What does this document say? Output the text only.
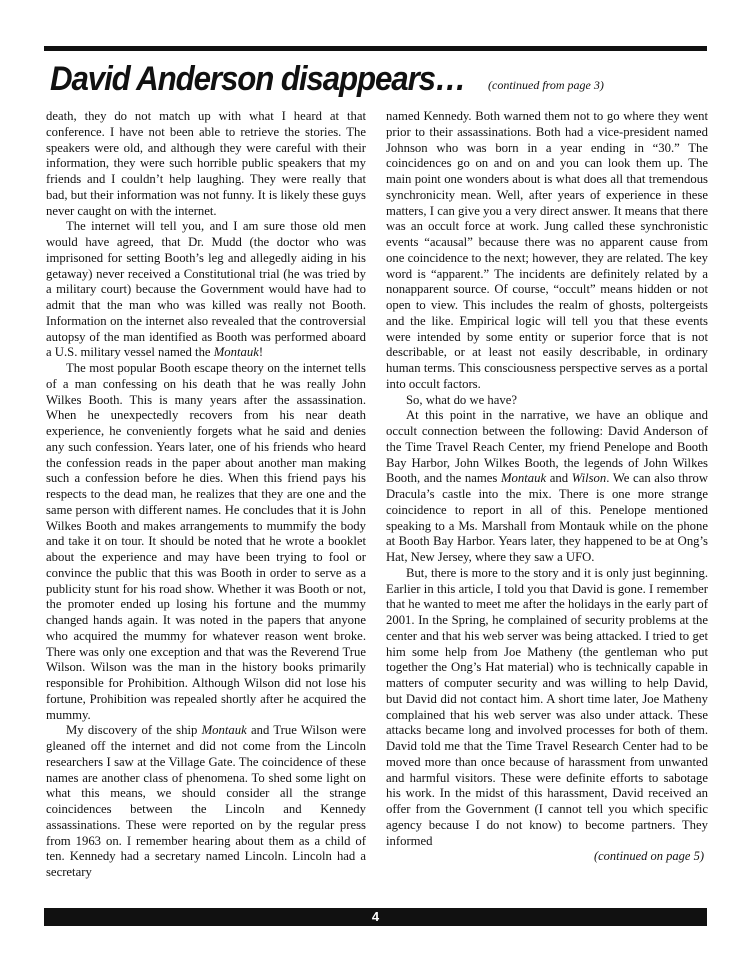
David Anderson disappears… (continued from page 3)

death, they do not match up with what I heard at that conference. I have not been able to retrieve the stories. The speakers were old, and although they were careful with their information, they were such horrible public speakers that my friends and I couldn’t help laughing. They were really that bad, but their information was not funny. It is likely these guys never caught on with the internet.

The internet will tell you, and I am sure those old men would have agreed, that Dr. Mudd (the doctor who was imprisoned for setting Booth’s leg and allegedly aiding in his getaway) never received a Constitutional trial (he was tried by a military court) because the Government would have had to admit that the man who was killed was really not Booth. Information on the internet also revealed that the controversial autopsy of the man identified as Booth was performed aboard a U.S. military vessel named the Montauk!

The most popular Booth escape theory on the internet tells of a man confessing on his death that he was really John Wilkes Booth. This is many years after the assassination. When he unexpectedly recovers from his near death experience, he conveniently forgets what he said and denies any such confession. Years later, one of his friends who heard the confession reads in the paper about another man making such a confession before he dies. When this friend pays his respects to the dead man, he realizes that they are one and the same person with different names. He concludes that it is John Wilkes Booth and makes arrangements to mummify the body and take it on tour. It should be noted that he wrote a booklet about the experience and may have been trying to fool or convince the public that this was Booth in order to serve as a publicity stunt for his road show. Whether it was Booth or not, the promoter ended up losing his fortune and the mummy changed hands again. It was noted in the papers that anyone who acquired the mummy for whatever reason went broke. There was only one exception and that was the Reverend True Wilson. Wilson was the man in the history books primarily responsible for Prohibition. Although Wilson did not lose his fortune, Prohibition was repealed shortly after he acquired the mummy.

My discovery of the ship Montauk and True Wilson were gleaned off the internet and did not come from the Lincoln researchers I saw at the Village Gate. The coincidence of these names are another class of phenomena. To shed some light on what this means, we should consider all the strange coincidences between the Lincoln and Kennedy assassinations. These were reported on by the regular press from 1963 on. I remember hearing about them as a child of ten. Kennedy had a secretary named Lincoln. Lincoln had a secretary

named Kennedy. Both warned them not to go where they went prior to their assassinations. Both had a vice-president named Johnson who was born in a year ending in “30.” The coincidences go on and on and you can look them up. The main point one wonders about is what does all that tremendous synchronicity mean. Well, after years of experience in these matters, I can give you a very direct answer. It means that there was an occult force at work. Jung called these synchronistic events “acausal” because there was no apparent cause from one coincidence to the next; however, they are related. The key word is “apparent.” The incidents are definitely related by a nonapparent source. Of course, “occult” means hidden or not open to view. This includes the realm of ghosts, poltergeists and the like. Empirical logic will tell you that these events were intended by some entity or superior force that is not describable, or at least not easily describable, in ordinary human terms. This consciousness perspective serves as a portal into occult factors.

So, what do we have?

At this point in the narrative, we have an oblique and occult connection between the following: David Anderson of the Time Travel Reach Center, my friend Penelope and Booth Bay Harbor, John Wilkes Booth, the legends of John Wilkes Booth, and the names Montauk and Wilson. We can also throw Dracula’s castle into the mix. There is one more strange coincidence to report in all of this. Penelope mentioned speaking to a Ms. Marshall from Montauk while on the phone at Booth Bay Harbor. Years later, they happened to be at Ong’s Hat, New Jersey, where they saw a UFO.

But, there is more to the story and it is only just beginning. Earlier in this article, I told you that David is gone. I remember that he wanted to meet me after the holidays in the early part of 2001. In the Spring, he complained of security problems at the center and that his web server was being attacked. I tried to get him some help from Joe Matheny (the gentleman who put together the Ong’s Hat material) who is technically capable in matters of computer security and was willing to help David, but David did not contact him. A short time later, Joe Matheny complained that his web server was also under attack. These attacks became long and involved processes for both of them. David told me that the Time Travel Research Center had to be moved more than once because of harassment from unwanted and harmful visitors. These were definite efforts to sabotage his work. In the midst of this harassment, David received an offer from the Government (I cannot tell you which specific agency because I do not know) to become partners. They informed

(continued on page 5)
4
